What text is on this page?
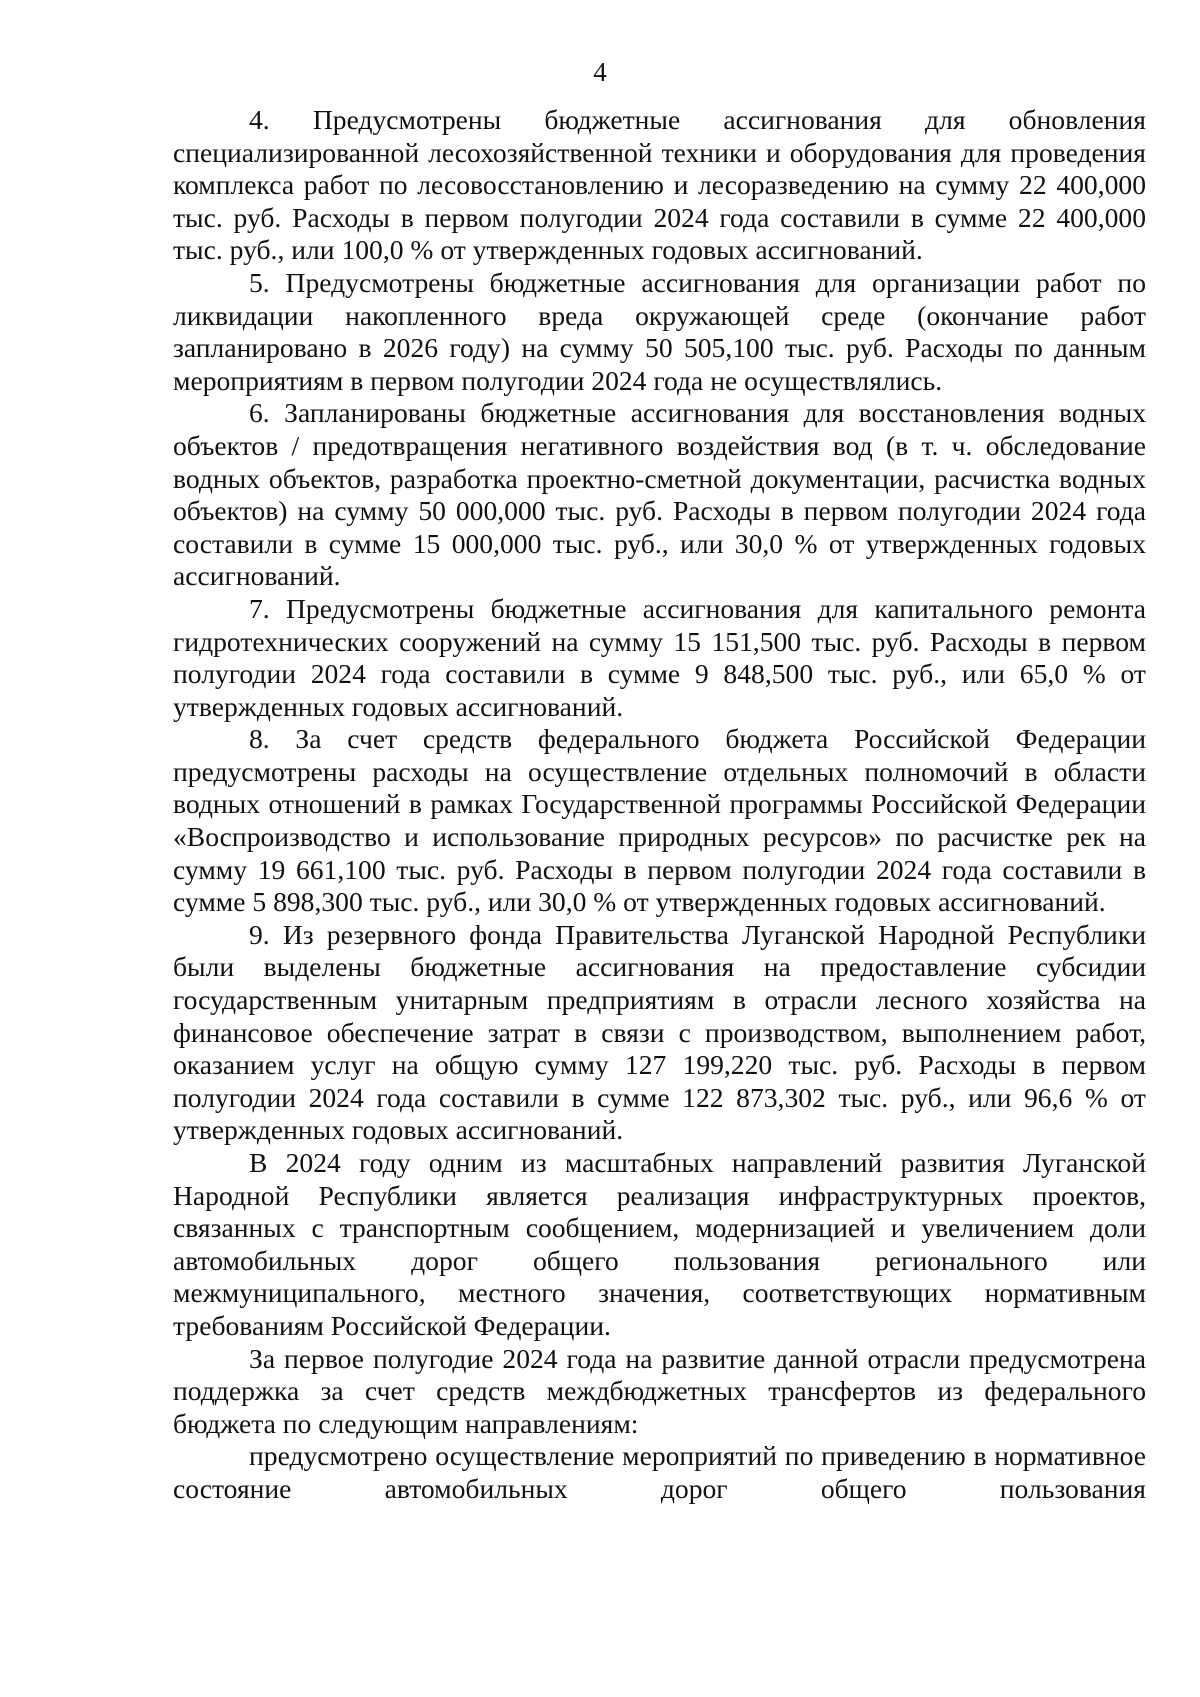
4

4. Предусмотрены бюджетные ассигнования для обновления специализированной лесохозяйственной техники и оборудования для проведения комплекса работ по лесовосстановлению и лесоразведению на сумму 22 400,000 тыс. руб. Расходы в первом полугодии 2024 года составили в сумме 22 400,000 тыс. руб., или 100,0 % от утвержденных годовых ассигнований.

5. Предусмотрены бюджетные ассигнования для организации работ по ликвидации накопленного вреда окружающей среде (окончание работ запланировано в 2026 году) на сумму 50 505,100 тыс. руб. Расходы по данным мероприятиям в первом полугодии 2024 года не осуществлялись.

6. Запланированы бюджетные ассигнования для восстановления водных объектов / предотвращения негативного воздействия вод (в т. ч. обследование водных объектов, разработка проектно-сметной документации, расчистка водных объектов) на сумму 50 000,000 тыс. руб. Расходы в первом полугодии 2024 года составили в сумме 15 000,000 тыс. руб., или 30,0 % от утвержденных годовых ассигнований.

7. Предусмотрены бюджетные ассигнования для капитального ремонта гидротехнических сооружений на сумму 15 151,500 тыс. руб. Расходы в первом полугодии 2024 года составили в сумме 9 848,500 тыс. руб., или 65,0 % от утвержденных годовых ассигнований.

8. За счет средств федерального бюджета Российской Федерации предусмотрены расходы на осуществление отдельных полномочий в области водных отношений в рамках Государственной программы Российской Федерации «Воспроизводство и использование природных ресурсов» по расчистке рек на сумму 19 661,100 тыс. руб. Расходы в первом полугодии 2024 года составили в сумме 5 898,300 тыс. руб., или 30,0 % от утвержденных годовых ассигнований.

9. Из резервного фонда Правительства Луганской Народной Республики были выделены бюджетные ассигнования на предоставление субсидии государственным унитарным предприятиям в отрасли лесного хозяйства на финансовое обеспечение затрат в связи с производством, выполнением работ, оказанием услуг на общую сумму 127 199,220 тыс. руб. Расходы в первом полугодии 2024 года составили в сумме 122 873,302 тыс. руб., или 96,6 % от утвержденных годовых ассигнований.

В 2024 году одним из масштабных направлений развития Луганской Народной Республики является реализация инфраструктурных проектов, связанных с транспортным сообщением, модернизацией и увеличением доли автомобильных дорог общего пользования регионального или межмуниципального, местного значения, соответствующих нормативным требованиям Российской Федерации.

За первое полугодие 2024 года на развитие данной отрасли предусмотрена поддержка за счет средств междбюджетных трансфертов из федерального бюджета по следующим направлениям:

предусмотрено осуществление мероприятий по приведению в нормативное состояние автомобильных дорог общего пользования
